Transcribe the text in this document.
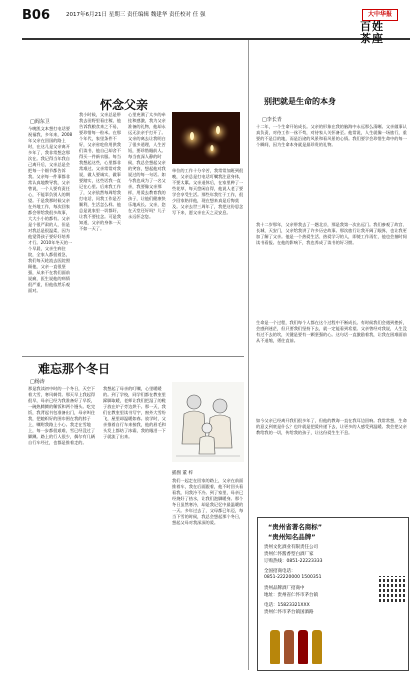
B06	2017年6月21日 星期三 责任编辑 魏建华 责任校对 任 强	大中华报
百姓
茶座
怀念父亲
□阎东卫
今晚凯文本想打电话要祝福我，多年来，2008年父亲在回国的路上时，在这儿是父亲离开多年了，我非常想念那次在。我记得当年我自己离开后，父亲总是会把每一个细节都告诉我。父亲每一件事都非常认真地教导我，父亲曾说，一个人要有责任心，不能辜负别人的期望。于是我那时候父亲在外地工作，每次回家都会带给我很多故事，大大小小的都有。父亲是个很严肃的人，但是对我总是很温柔，因为他觉得孩子要好好培养才行。2010年冬天的一个早晨，父亲生病住院，全家人都很着急，我们每天轮流去医院照顾他，父亲一直很坚强，从来不在我们面前说痛，医生说他的病情很严重，但他依然乐观面对。
我小时候，父亲总是带我去田野里看庄稼，他告诉我粮食来之不易，要珍惜每一粒米。在那个年代，家里条件不好，父亲省吃俭用供我们读书，他自己却舍不得买一件新衣服。每当我想起这些，心里都非常难过。父亲常常对我说，做人要诚实，做事要踏实，这些话我一直记在心里。后来我工作了，父亲依然每周给我打电话，问我工作是否顺利，生活怎么样。他总是说家里一切都好，让我不要挂念。可是我知道，父亲的身体一天不如一天了。
心里充满了太多的牵挂和感激，我为父亲准备的礼物，他却永远无法亲手打开了。父亲的离去让我明白了很多道理，人生苦短，要珍惜眼前人。每当夜深人静的时候，我总会想起父亲的笑容，想起他对我说过的每一句话。如今我也成为了一名父亲，我要像父亲那样，用爱去教育我的孩子，让他们健康快乐地成长。父亲，您在天堂还好吗？儿子永远怀念您。
单位的工作十分辛苦，我常常加班到很晚，父亲总是打电话叮嘱我注意身体，不要太累。父亲退休后，在家里种了一些花草，每天悠闲自得，他说人老了要学会享受生活。那些年我忙于工作，很少回家陪伴他，现在想来真是后悔莫及。父亲去世三周年了，我把这份思念写下来，愿父亲在天之灵安息。
难忘那个冬日
□杨涛
那是我读初中时的一个冬日，天空下着大雪，寒风刺骨。那天早上我起得很早，母亲已经为我准备好了早饭，一碗热腾腾的稀饭和两个馒头。吃完饭，我背起书包准备出门，母亲叫住我，把她织好的围巾围在我的脖子上，嘱咐我路上小心。我走在雪地上，每一步都很艰难，雪已经没过了脚踝。路上的行人很少，偶尔有几辆自行车经过，也都是推着走的。
我想起了母亲的叮嘱，心里暖暖的。到了学校，同学们都在教室里跺脚取暖，老师让我们把湿了的鞋子放在炉子旁边烘干。那一天，我们在教室里读书写字，窗外大雪纷飞，屋里却温暖如春。放学时，父亲推着自行车来接我，他的眉毛和头发上都结了冰霜，我的眼泪一下子就流了出来。
我们一起走在回家的路上，父亲在前面推着车，我在后面跟着，他不时回头看看我，问我冷不冷。到了家里，母亲已经烧好了热水，让我们泡脚暖身。那个冬日虽然寒冷，却是我记忆中最温暖的一天。多年过去了，父母都已年迈，每当下雪的时候，我总会想起那个冬日，想起父母对我深深的爱。
插图 董 梓
别把就是生命的本身
□李长青
十二年，一个生命开始成长。父亲的形象在我的脑海中永远那么清晰。父亲做事认真负责，对待工作一丝不苟，对待家人关怀备至。他常说，人生就像一场旅行，重要的不是目的地，而是沿途的风景和看风景的心情。我们要学会珍惜生命中的每一个瞬间，因为生命本身就是最珍贵的礼物。
我十二岁那年，父亲带我去了一趟北京，那是我第一次出远门。我们参观了故宫、长城、天安门，父亲给我讲了许多历史故事。那次旅行让我开阔了眼界，也让我更加了解了父亲。他是一个热爱生活、热爱学习的人，即使工作再忙，他也会抽时间读书看报。在他的影响下，我也养成了读书的好习惯。
生命是一个过程，我们每个人都在这个过程中不断成长。有时候我们会遇到挫折，会感到迷茫，但只要我们坚持下去，就一定能看到希望。父亲曾经对我说，人生没有过不去的坎，关键是要有一颗坚强的心。这句话一直激励着我，让我在困难面前从不退缩，勇往直前。
如今父亲已经离开我们很多年了，但他的教诲一直在我耳边回响。我常常想，生命的意义到底是什么？也许就是把爱传递下去，让更多的人感受到温暖。我会把父亲教给我的一切，传给我的孩子，让这份爱生生不息。
“贵州省著名商标”
“贵州知名品牌”
贵州文化酒业有限责任公司
贵州仁怀酱香型白酒厂家
订购热线：0851-22223333
全国招商电话：
0851-22220000 1500351
贵州品牌酒厂招商中
地址：贵州省仁怀市茅台镇
电话：15823321XXX
贵州仁怀市茅台镇国酒路
